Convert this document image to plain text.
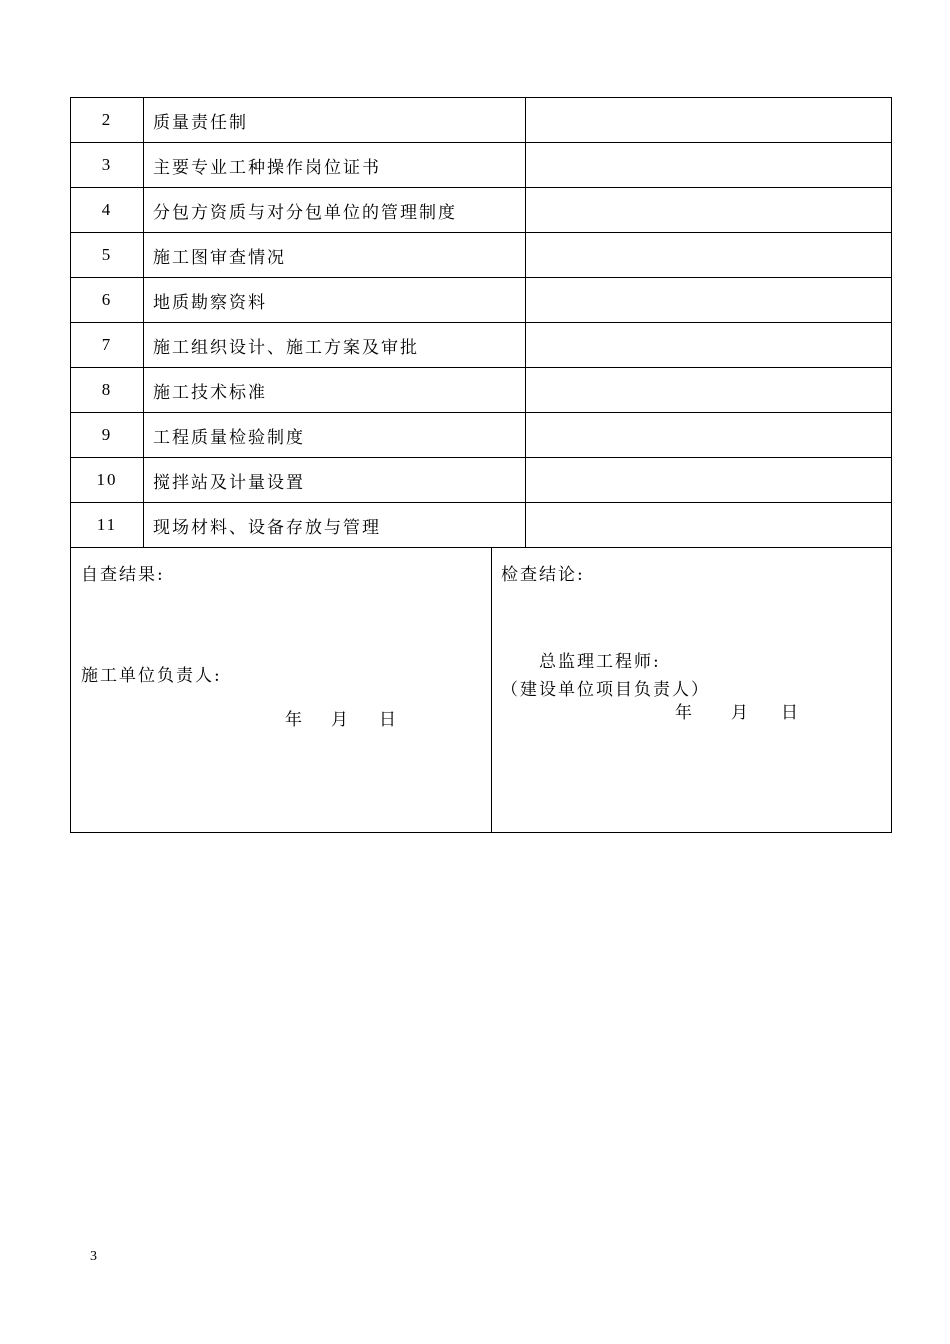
2	质量责任制	
3	主要专业工种操作岗位证书	
4	分包方资质与对分包单位的管理制度	
5	施工图审查情况	
6	地质勘察资料	
7	施工组织设计、施工方案及审批	
8	施工技术标准	
9	工程质量检验制度	
10	搅拌站及计量设置	
11	现场材料、设备存放与管理	
自查结果:
施工单位负责人:
年 月 日
检查结论:
总监理工程师:
（建设单位项目负责人）
年 月 日
3
